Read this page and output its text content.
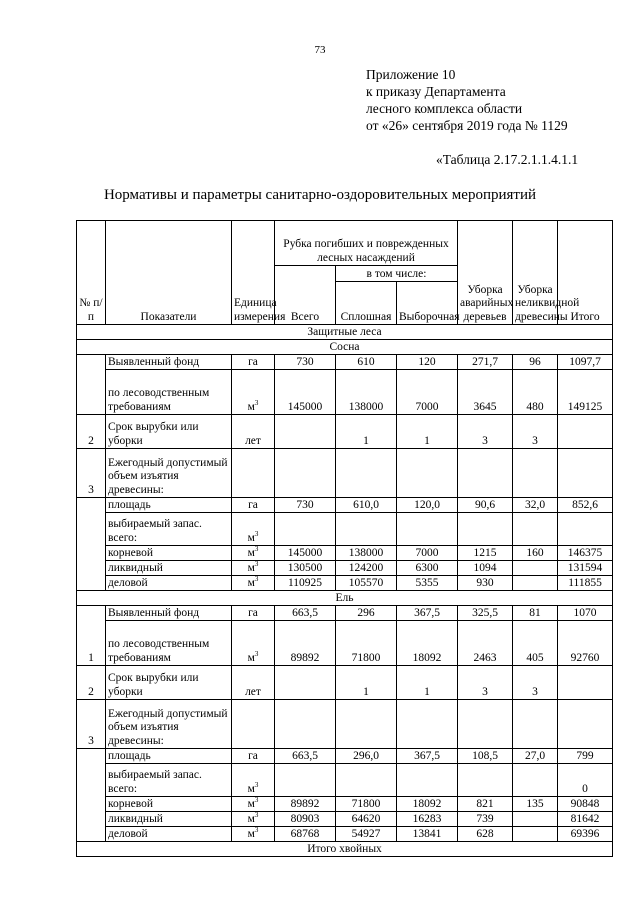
73
Приложение 10
к приказу Департамента
лесного комплекса области
от «26» сентября 2019 года № 1129
«Таблица 2.17.2.1.1.4.1.1
Нормативы и параметры санитарно-оздоровительных мероприятий
№ п/п	Показатели	Единица измерения	Рубка погибших и поврежденных лесных насаждений			Уборка аварийных деревьев	Уборка неликвидной древесины	Итого
			Всего	в том числе:				
				Сплошная	Выборочная			
Защитные леса								
Сосна								
	Выявленный фонд	га	730	610	120	271,7	96	1097,7
	по лесоводственным требованиям	$м^3$	145000	138000	7000	3645	480	149125
2	Срок вырубки или уборки	лет		1	1	3	3	
3	Ежегодный допустимый объем изъятия древесины:							
	площадь	га	730	610,0	120,0	90,6	32,0	852,6
	выбираемый запас. всего:	$м^3$						
	корневой	$м^3$	145000	138000	7000	1215	160	146375
	ликвидный	$м^3$	130500	124200	6300	1094		131594
	деловой	$м^3$	110925	105570	5355	930		111855
Ель								
1	Выявленный фонд	га	663,5	296	367,5	325,5	81	1070
	по лесоводственным требованиям	$м^3$	89892	71800	18092	2463	405	92760
2	Срок вырубки или уборки	лет		1	1	3	3	
3	Ежегодный допустимый объем изъятия древесины:							
	площадь	га	663,5	296,0	367,5	108,5	27,0	799
	выбираемый запас. всего:	$м^3$						0
	корневой	$м^3$	89892	71800	18092	821	135	90848
	ликвидный	$м^3$	80903	64620	16283	739		81642
	деловой	$м^3$	68768	54927	13841	628		69396
Итого хвойных								
